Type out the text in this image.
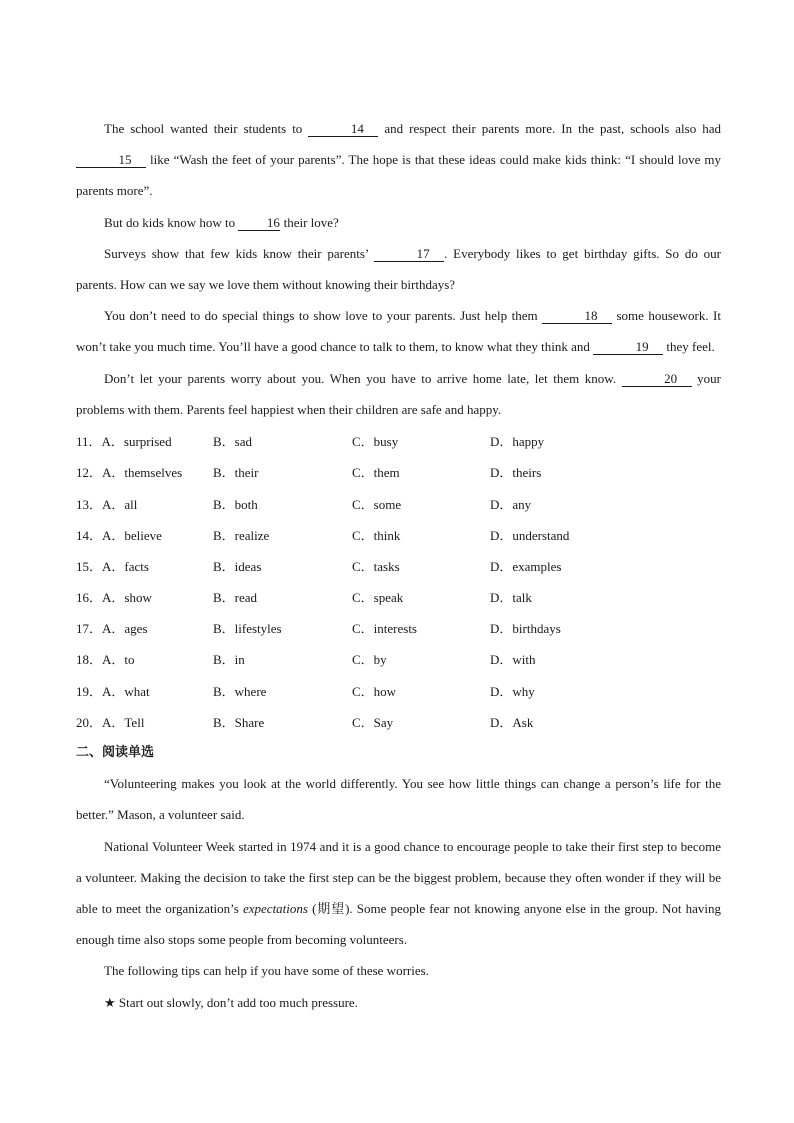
The school wanted their students to	14 and respect their parents more. In the past, schools also had 15 like “Wash the feet of your parents”. The hope is that these ideas could make kids think: “I should love my parents more”.

But do kids know how to 16 their love?

Surveys show that few kids know their parents’	17 . Everybody likes to get birthday gifts. So do our parents. How can we say we love them without knowing their birthdays?

You don’t need to do special things to show love to your parents. Just help them	18 some housework. It won’t take you much time. You’ll have a good chance to talk to them, to know what they think and	19 they feel.

Don’t let your parents worry about you. When you have to arrive home late, let them know.	20 your problems with them. Parents feel happiest when their children are safe and happy.

11．A．surprised	B．sad	C．busy	D．happy
12．A．themselves	B．their	C．them	D．theirs
13．A．all	B．both	C．some	D．any
14．A．believe	B．realize	C．think	D．understand
15．A．facts	B．ideas	C．tasks	D．examples
16．A．show	B．read	C．speak	D．talk
17．A．ages	B．lifestyles	C．interests	D．birthdays
18．A．to	B．in	C．by	D．with
19．A．what	B．where	C．how	D．why
20．A．Tell	B．Share	C．Say	D．Ask

二、阅读单选

“Volunteering makes you look at the world differently. You see how little things can change a person’s life for the better.” Mason, a volunteer said.

National Volunteer Week started in 1974 and it is a good chance to encourage people to take their first step to become a volunteer. Making the decision to take the first step can be the biggest problem, because they often wonder if they will be able to meet the organization’s expectations (期望). Some people fear not knowing anyone else in the group. Not having enough time also stops some people from becoming volunteers.

The following tips can help if you have some of these worries.

★ Start out slowly, don’t add too much pressure.
